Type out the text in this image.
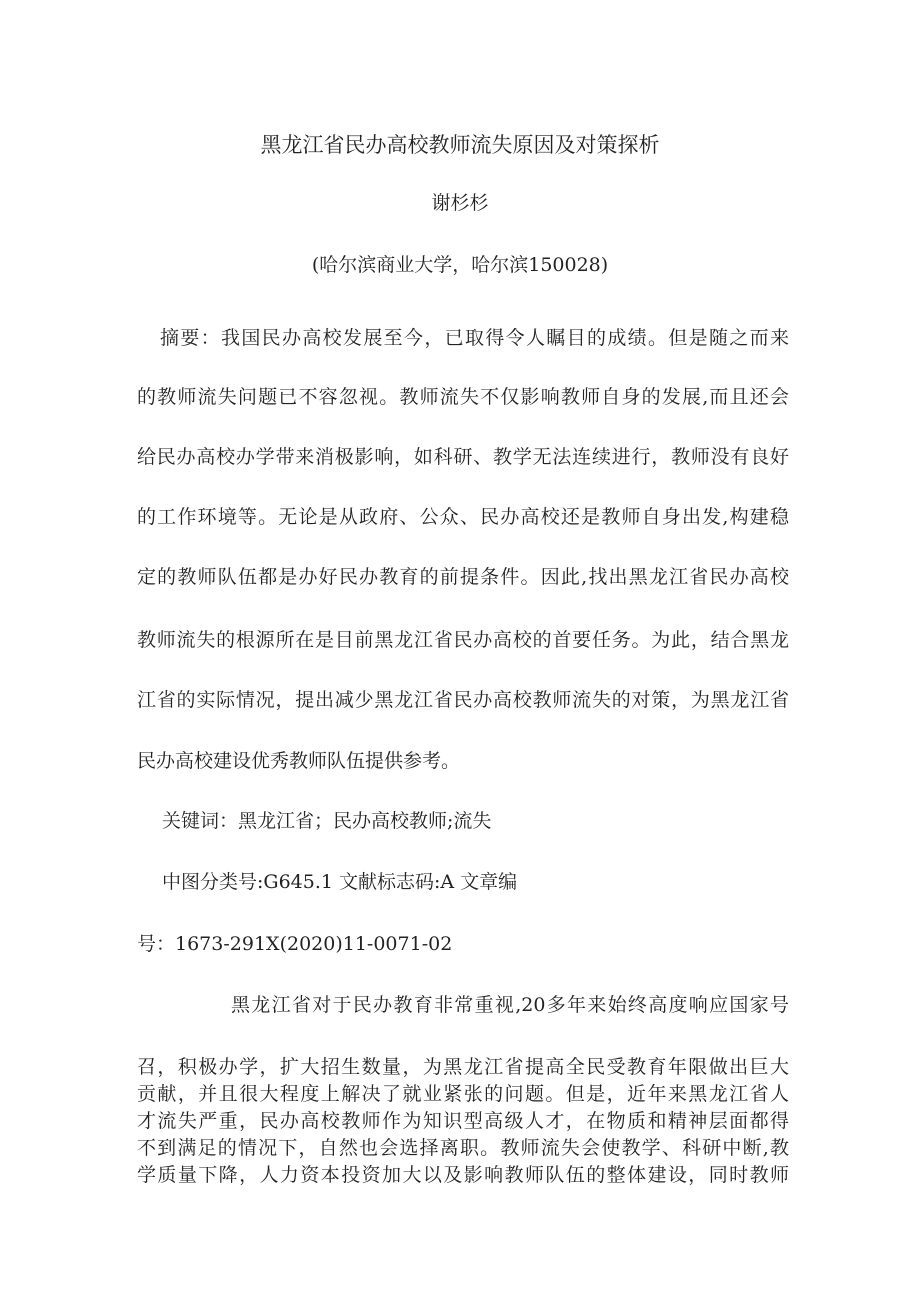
黑龙江省民办高校教师流失原因及对策探析
谢杉杉
(哈尔滨商业大学，哈尔滨150028)
摘要：我国民办高校发展至今，已取得令人瞩目的成绩。但是随之而来
的教师流失问题已不容忽视。教师流失不仅影响教师自身的发展,而且还会
给民办高校办学带来消极影响，如科研、教学无法连续进行，教师没有良好
的工作环境等。无论是从政府、公众、民办高校还是教师自身出发,构建稳
定的教师队伍都是办好民办教育的前提条件。因此,找出黑龙江省民办高校
教师流失的根源所在是目前黑龙江省民办高校的首要任务。为此，结合黑龙
江省的实际情况，提出减少黑龙江省民办高校教师流失的对策，为黑龙江省
民办高校建设优秀教师队伍提供参考。
关键词：黑龙江省；民办高校教师;流失
中图分类号:G645.1 文献标志码:A 文章编
号：1673-291X(2020)11-0071-02
黑龙江省对于民办教育非常重视,20多年来始终高度响应国家号
召，积极办学，扩大招生数量，为黑龙江省提高全民受教育年限做出巨大
贡献，并且很大程度上解决了就业紧张的问题。但是，近年来黑龙江省人
才流失严重，民办高校教师作为知识型高级人才，在物质和精神层面都得
不到满足的情况下，自然也会选择离职。教师流失会使教学、科研中断,教
学质量下降，人力资本投资加大以及影响教师队伍的整体建设，同时教师
